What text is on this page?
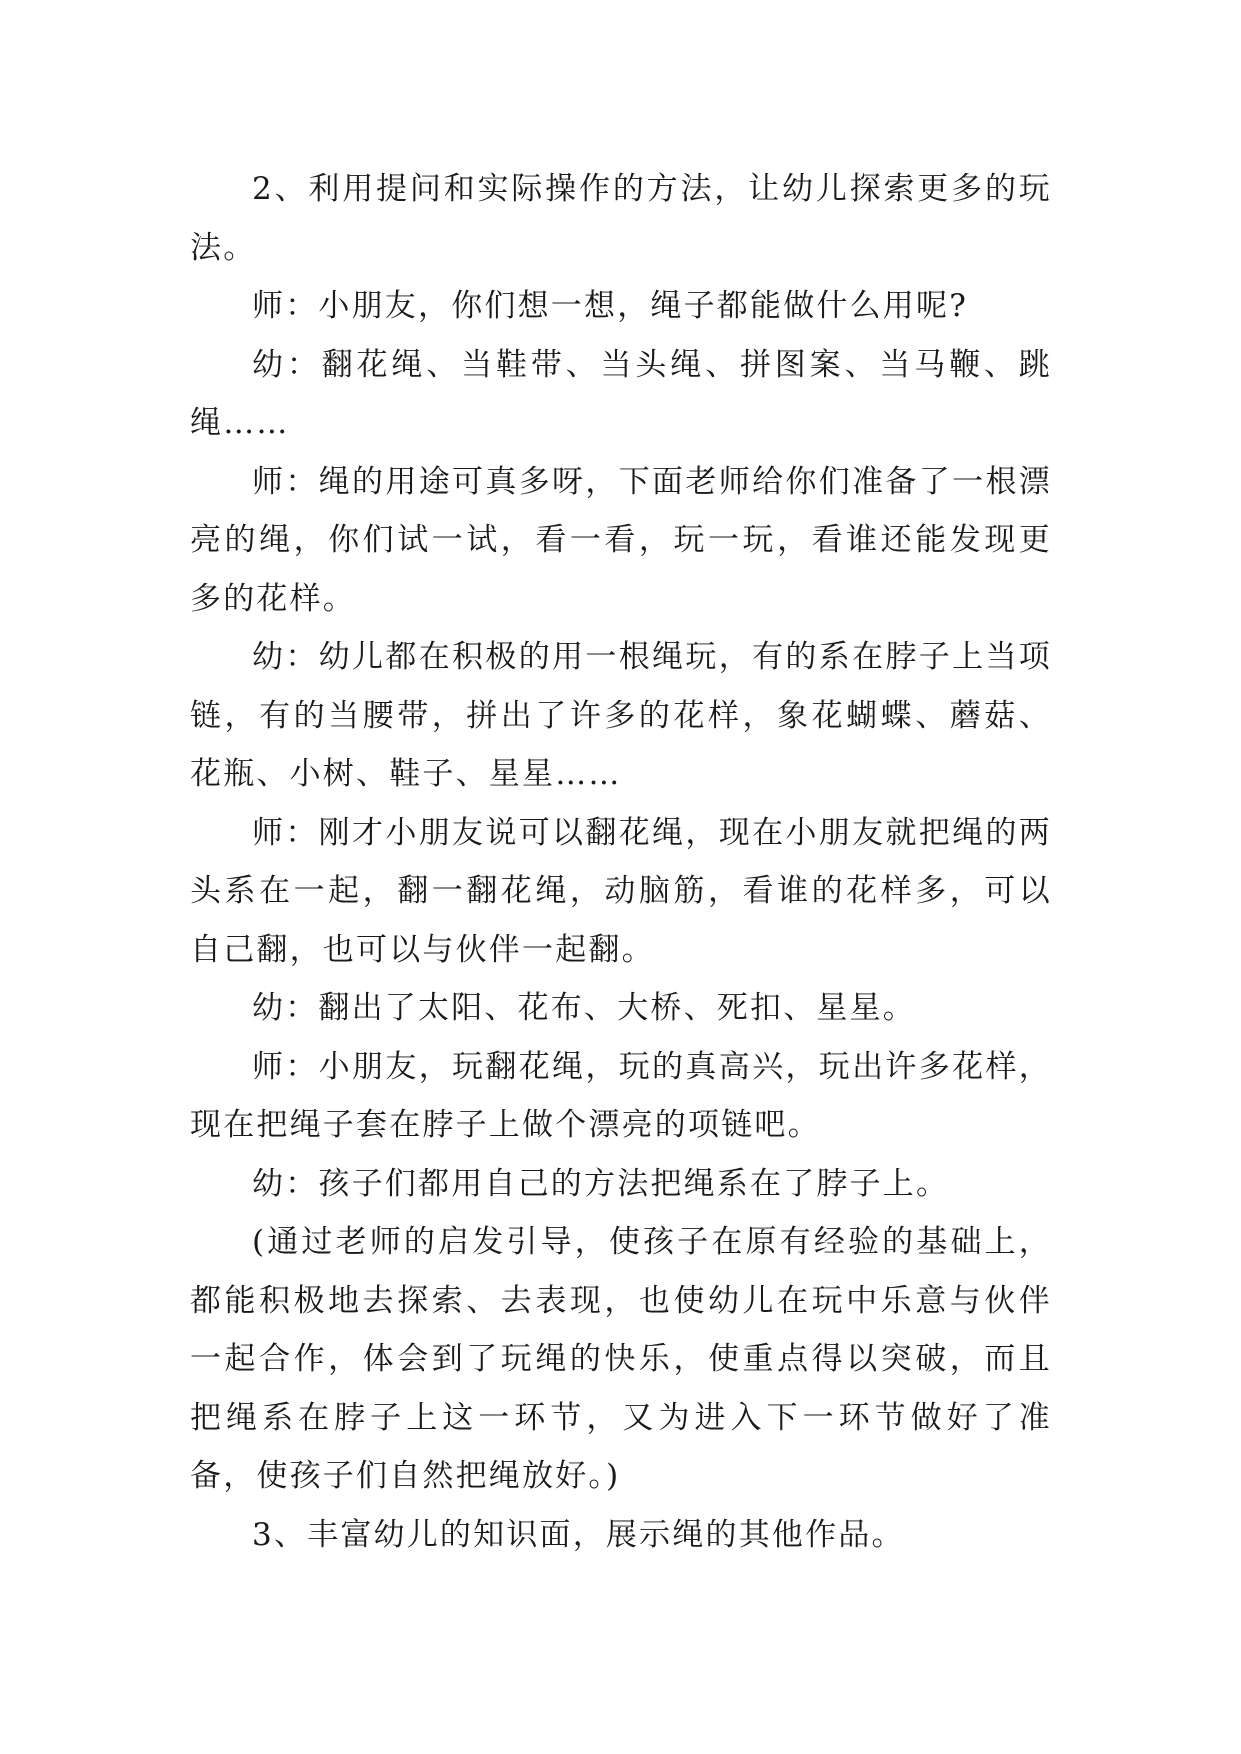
2、利用提问和实际操作的方法，让幼儿探索更多的玩法。

师：小朋友，你们想一想，绳子都能做什么用呢?

幼：翻花绳、当鞋带、当头绳、拼图案、当马鞭、跳绳……

师：绳的用途可真多呀，下面老师给你们准备了一根漂亮的绳，你们试一试，看一看，玩一玩，看谁还能发现更多的花样。

幼：幼儿都在积极的用一根绳玩，有的系在脖子上当项链，有的当腰带，拼出了许多的花样，象花蝴蝶、蘑菇、花瓶、小树、鞋子、星星……

师：刚才小朋友说可以翻花绳，现在小朋友就把绳的两头系在一起，翻一翻花绳，动脑筋，看谁的花样多，可以自己翻，也可以与伙伴一起翻。

幼：翻出了太阳、花布、大桥、死扣、星星。

师：小朋友，玩翻花绳，玩的真高兴，玩出许多花样，现在把绳子套在脖子上做个漂亮的项链吧。

幼：孩子们都用自己的方法把绳系在了脖子上。

(通过老师的启发引导，使孩子在原有经验的基础上，都能积极地去探索、去表现，也使幼儿在玩中乐意与伙伴一起合作，体会到了玩绳的快乐，使重点得以突破，而且把绳系在脖子上这一环节，又为进入下一环节做好了准备，使孩子们自然把绳放好。)

3、丰富幼儿的知识面，展示绳的其他作品。
